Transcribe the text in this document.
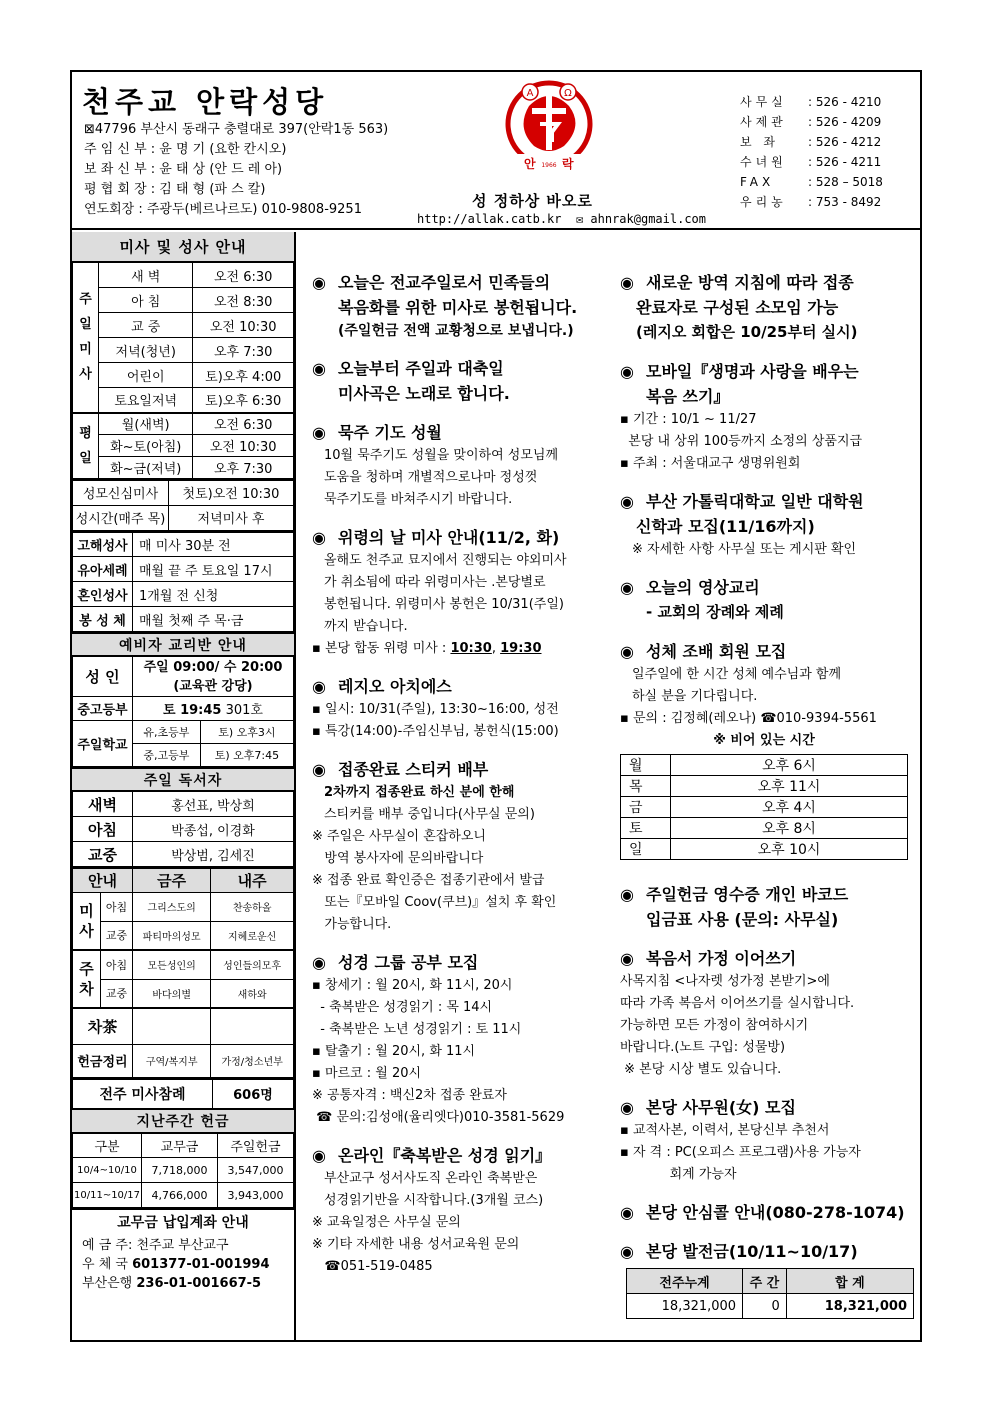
천주교 안락성당
⊠47796 부산시 동래구 충렬대로 397(안락1동 563)
주 임 신 부 : 윤 명 기 (요한 칸시오)
보 좌 신 부 : 윤 태 상 (안 드 레 아)
평 협 회 장 : 김 태 형 (파 스 칼)
연도회장 : 주광두(베르나르도) 010-9808-9251
A	Ω
안 1966 락
성 정하상 바오로
http://allak.catb.kr ✉ ahnrak@gmail.com
사무실 : 526 - 4210
사제관 : 526 - 4209
보 좌 : 526 - 4212
수녀원 : 526 - 4211
FAX	: 528 – 5018
우리농 : 753 - 8492
미사 및 성사 안내
주
일
미
사	새 벽	오전 6:30
	아 침	오전 8:30
	교 중	오전 10:30
	저녁(청년)	오후 7:30
	어린이	토)오후 4:00
	토요일저녁	토)오후 6:30
평
일	월(새벽)	오전 6:30
	화~토(아침)	오전 10:30
	화~금(저녁)	오후 7:30
성모신심미사	첫토)오전 10:30
성시간(매주 목)	저녁미사 후
고해성사	매 미사 30분 전
유아세례	매월 끝 주 토요일 17시
혼인성사	1개월 전 신청
봉 성 체	매월 첫째 주 목·금
예비자 교리반 안내
성 인	주일 09:00/ 수 20:00
(교육관 강당)	
중고등부	토 19:45 301호	
주일학교	유,초등부	토) 오후3시
	중,고등부	토) 오후7:45
주일 독서자
새벽	홍선표, 박상희
아침	박종섭, 이경화
교중	박상범, 김세진
안내		금주	내주
미
사	아침	그리스도의	찬송하올
	교중	파티마의성모	지혜로운신
주
차	아침	모든성인의	성인들의모후
	교중	바다의별	새하와
차茶			
헌금정리		구역/복지부	가정/청소년부
전주 미사참례	606명
지난주간 헌금
구분	교무금	주일헌금
10/4~10/10	7,718,000	3,547,000
10/11~10/17	4,766,000	3,943,000
교무금 납입계좌 안내
예 금 주: 천주교 부산교구
우 체 국 601377-01-001994
부산은행 236-01-001667-5
◉ 오늘은 전교주일로서 민족들의
복음화를 위한 미사로 봉헌됩니다.
(주일헌금 전액 교황청으로 보냅니다.)
◉ 오늘부터 주일과 대축일
미사곡은 노래로 합니다.
◉ 묵주 기도 성월
10월 묵주기도 성월을 맞이하여 성모님께
도움을 청하며 개별적으로나마 정성껏
묵주기도를 바쳐주시기 바랍니다.
◉ 위령의 날 미사 안내(11/2, 화)
올해도 천주교 묘지에서 진행되는 야외미사
가 취소됨에 따라 위령미사는 .본당별로
봉헌됩니다. 위령미사 봉헌은 10/31(주일)
까지 받습니다.
▪ 본당 합동 위령 미사 : 10:30, 19:30
◉ 레지오 아치에스
▪ 일시: 10/31(주일), 13:30~16:00, 성전
▪ 특강(14:00)-주임신부님, 봉헌식(15:00)
◉ 접종완료 스티커 배부
2차까지 접종완료 하신 분에 한해
스티커를 배부 중입니다(사무실 문의)
※ 주일은 사무실이 혼잡하오니
방역 봉사자에 문의바랍니다
※ 접종 완료 확인증은 접종기관에서 발급
또는『모바일 Coov(쿠브)』설치 후 확인
가능합니다.
◉ 성경 그룹 공부 모집
▪ 창세기 : 월 20시, 화 11시, 20시
- 축복받은 성경읽기 : 목 14시
- 축복받은 노년 성경읽기 : 토 11시
▪ 탈출기 : 월 20시, 화 11시
▪ 마르코 : 월 20시
※ 공통자격 : 백신2차 접종 완료자
☎ 문의:김성애(율리엣다)010-3581-5629
◉ 온라인『축복받은 성경 읽기』
부산교구 성서사도직 온라인 축복받은
성경읽기반을 시작합니다.(3개월 코스)
※ 교육일정은 사무실 문의
※ 기타 자세한 내용 성서교육원 문의
☎051-519-0485
◉ 새로운 방역 지침에 따라 접종
완료자로 구성된 소모임 가능
(레지오 회합은 10/25부터 실시)
◉ 모바일『생명과 사랑을 배우는
복음 쓰기』
▪ 기간 : 10/1 ~ 11/27
본당 내 상위 100등까지 소정의 상품지급
▪ 주최 : 서울대교구 생명위원회
◉ 부산 가톨릭대학교 일반 대학원
신학과 모집(11/16까지)
※ 자세한 사항 사무실 또는 게시판 확인
◉ 오늘의 영상교리
- 교회의 장례와 제례
◉ 성체 조배 회원 모집
일주일에 한 시간 성체 예수님과 함께
하실 분을 기다립니다.
▪ 문의 : 김정혜(레오나) ☎010-9394-5561
※ 비어 있는 시간
월	오후 6시
목	오후 11시
금	오후 4시
토	오후 8시
일	오후 10시
◉ 주일헌금 영수증 개인 바코드
입금표 사용 (문의: 사무실)
◉ 복음서 가정 이어쓰기
사목지침 <나자렛 성가정 본받기>에
따라 가족 복음서 이어쓰기를 실시합니다.
가능하면 모든 가정이 참여하시기
바랍니다.(노트 구입: 성물방)
※ 본당 시상 별도 있습니다.
◉ 본당 사무원(女) 모집
▪ 교적사본, 이력서, 본당신부 추천서
▪ 자 격 : PC(오피스 프로그램)사용 가능자
회계 가능자
◉ 본당 안심콜 안내(080-278-1074)
◉ 본당 발전금(10/11~10/17)
전주누계	주 간	합 계
18,321,000	0	18,321,000
